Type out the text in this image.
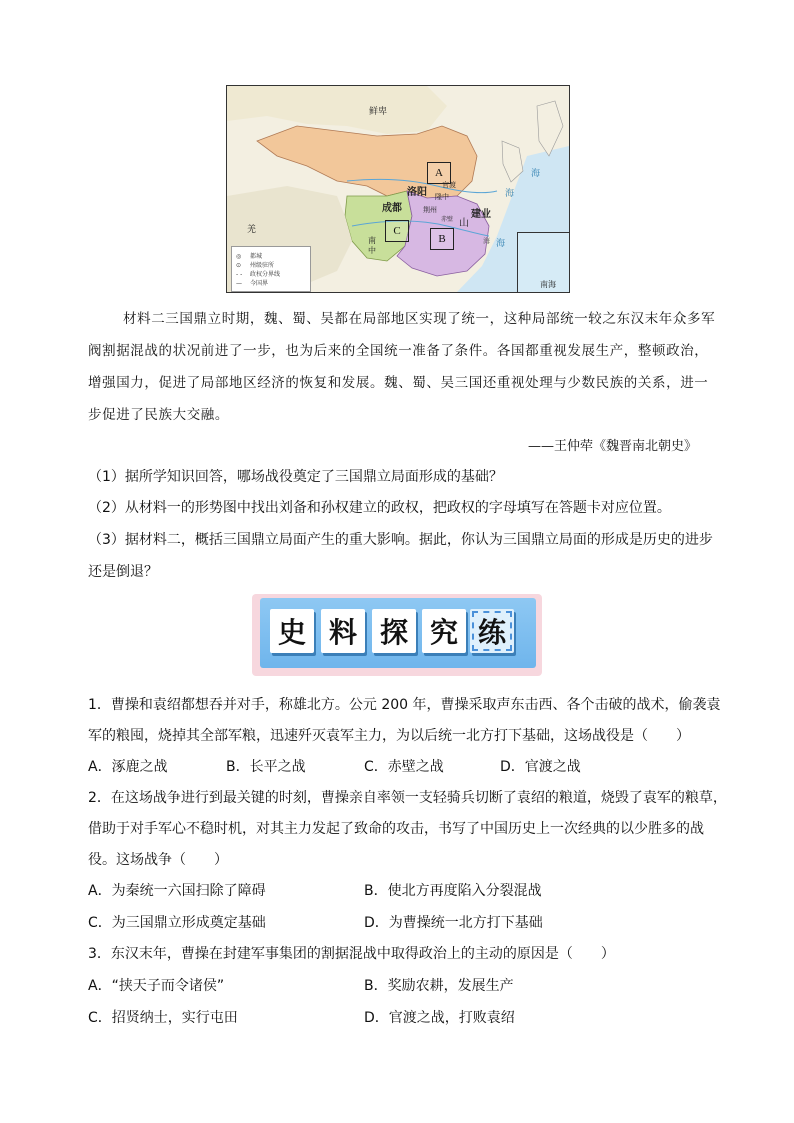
鲜卑
羌
南中
A
B
C
洛阳
成都
建业
官渡
隆中
荆州
赤壁 山
海
海
海
海
◎ 都城
⊙ 州级驻所
- - 政权分界线
— 今国界	南海
材料二三国鼎立时期，魏、蜀、吴都在局部地区实现了统一，这种局部统一较之东汉末年众多军
阀割据混战的状况前进了一步，也为后来的全国统一准备了条件。各国都重视发展生产，整顿政治，
增强国力，促进了局部地区经济的恢复和发展。魏、蜀、吴三国还重视处理与少数民族的关系，进一
步促进了民族大交融。
——王仲荦《魏晋南北朝史》
（1）据所学知识回答，哪场战役奠定了三国鼎立局面形成的基础？
（2）从材料一的形势图中找出刘备和孙权建立的政权，把政权的字母填写在答题卡对应位置。
（3）据材料二，概括三国鼎立局面产生的重大影响。据此，你认为三国鼎立局面的形成是历史的进步
还是倒退？
史 料 探 究 练
1．曹操和袁绍都想吞并对手，称雄北方。公元 200 年，曹操采取声东击西、各个击破的战术，偷袭袁
军的粮囤，烧掉其全部军粮，迅速歼灭袁军主力，为以后统一北方打下基础，这场战役是（　　）
A．涿鹿之战	B．长平之战	C．赤壁之战	D．官渡之战
2．在这场战争进行到最关键的时刻，曹操亲自率领一支轻骑兵切断了袁绍的粮道，烧毁了袁军的粮草，
借助于对手军心不稳时机，对其主力发起了致命的攻击，书写了中国历史上一次经典的以少胜多的战
役。这场战争（　　）
A．为秦统一六国扫除了障碍	B．使北方再度陷入分裂混战
C．为三国鼎立形成奠定基础	D．为曹操统一北方打下基础
3．东汉末年，曹操在封建军事集团的割据混战中取得政治上的主动的原因是（　　）
A．“挟天子而令诸侯”	B．奖励农耕，发展生产
C．招贤纳士，实行屯田	D．官渡之战，打败袁绍
